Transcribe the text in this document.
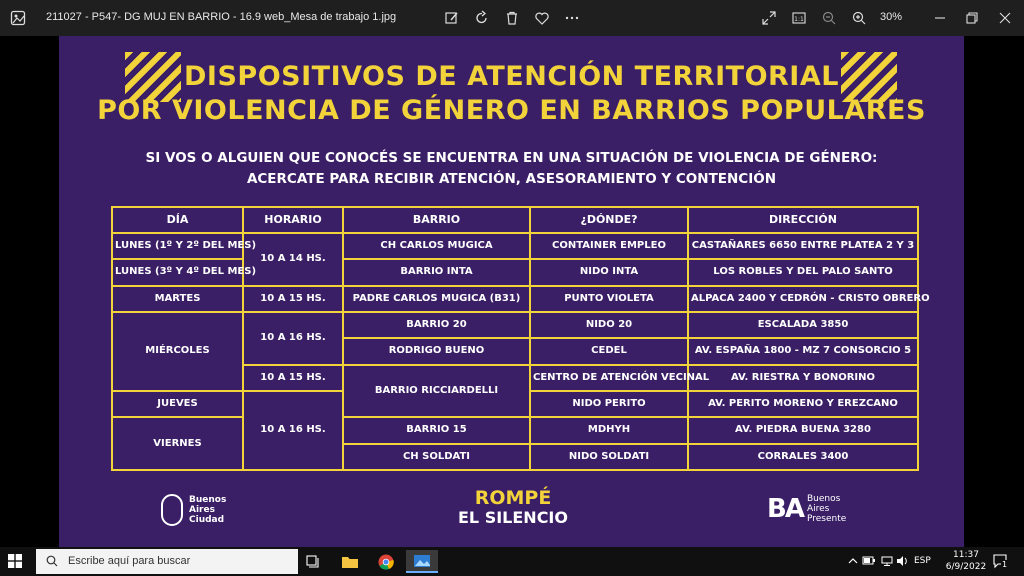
211027 - P547- DG MUJ EN BARRIO - 16.9 web_Mesa de trabajo 1.jpg	1:1	30%
DISPOSITIVOS DE ATENCIÓN TERRITORIAL
POR VIOLENCIA DE GÉNERO EN BARRIOS POPULARES
SI VOS O ALGUIEN QUE CONOCÉS SE ENCUENTRA EN UNA SITUACIÓN DE VIOLENCIA DE GÉNERO:
ACERCATE PARA RECIBIR ATENCIÓN, ASESORAMIENTO Y CONTENCIÓN
DÍA	HORARIO	BARRIO	¿DÓNDE?	DIRECCIÓN
LUNES (1º Y 2º DEL MES)	10 A 14 HS.	CH CARLOS MUGICA	CONTAINER EMPLEO	CASTAÑARES 6650 ENTRE PLATEA 2 Y 3
LUNES (3º Y 4º DEL MES)		BARRIO INTA	NIDO INTA	LOS ROBLES Y DEL PALO SANTO
MARTES	10 A 15 HS.	PADRE CARLOS MUGICA (B31)	PUNTO VIOLETA	ALPACA 2400 Y CEDRÓN - CRISTO OBRERO
MIÉRCOLES	10 A 16 HS.	BARRIO 20	NIDO 20	ESCALADA 3850
		RODRIGO BUENO	CEDEL	AV. ESPAÑA 1800 - MZ 7 CONSORCIO 5
	10 A 15 HS.	BARRIO RICCIARDELLI	CENTRO DE ATENCIÓN VECINAL	AV. RIESTRA Y BONORINO
JUEVES	10 A 16 HS.		NIDO PERITO	AV. PERITO MORENO Y EREZCANO
VIERNES		BARRIO 15	MDHYH	AV. PIEDRA BUENA 3280
		CH SOLDATI	NIDO SOLDATI	CORRALES 3400
Buenos
Aires
Ciudad
ROMPÉ
EL SILENCIO	BA Buenos
Aires
Presente
Escribe aquí para buscar	ESP
11:37
6/9/2022 1
